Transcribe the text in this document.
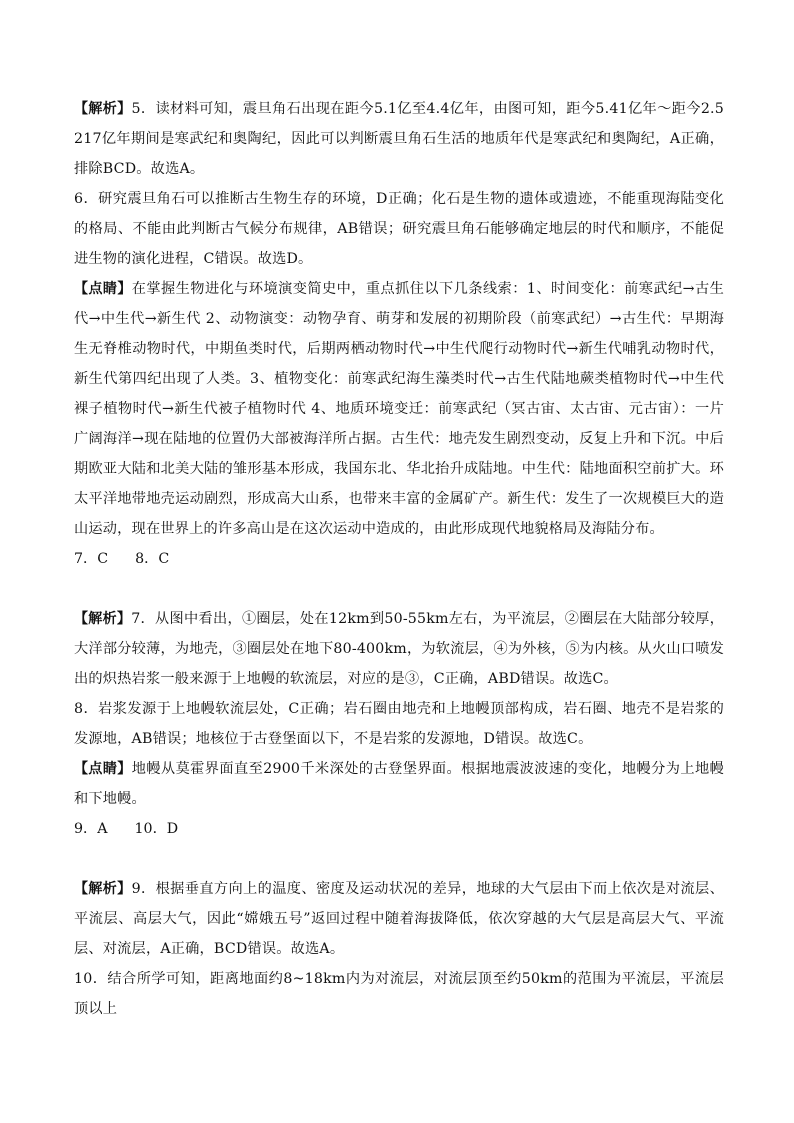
【解析】5．读材料可知，震旦角石出现在距今5.1亿至4.4亿年，由图可知，距今5.41亿年～距今2.5217亿年期间是寒武纪和奥陶纪，因此可以判断震旦角石生活的地质年代是寒武纪和奥陶纪，A正确，排除BCD。故选A。

6．研究震旦角石可以推断古生物生存的环境，D正确；化石是生物的遗体或遗迹，不能重现海陆变化的格局、不能由此判断古气候分布规律，AB错误；研究震旦角石能够确定地层的时代和顺序，不能促进生物的演化进程，C错误。故选D。

【点睛】在掌握生物进化与环境演变简史中，重点抓住以下几条线索：1、时间变化：前寒武纪→古生代→中生代→新生代 2、动物演变：动物孕育、萌芽和发展的初期阶段（前寒武纪）→古生代：早期海生无脊椎动物时代，中期鱼类时代，后期两栖动物时代→中生代爬行动物时代→新生代哺乳动物时代，新生代第四纪出现了人类。3、植物变化：前寒武纪海生藻类时代→古生代陆地蕨类植物时代→中生代裸子植物时代→新生代被子植物时代 4、地质环境变迁：前寒武纪（冥古宙、太古宙、元古宙）：一片广阔海洋→现在陆地的位置仍大部被海洋所占据。古生代：地壳发生剧烈变动，反复上升和下沉。中后期欧亚大陆和北美大陆的雏形基本形成，我国东北、华北抬升成陆地。中生代：陆地面积空前扩大。环太平洋地带地壳运动剧烈，形成高大山系，也带来丰富的金属矿产。新生代：发生了一次规模巨大的造山运动，现在世界上的许多高山是在这次运动中造成的，由此形成现代地貌格局及海陆分布。

7．C      8．C

【解析】7．从图中看出，①圈层，处在12km到50-55km左右，为平流层，②圈层在大陆部分较厚，大洋部分较薄，为地壳，③圈层处在地下80-400km，为软流层，④为外核，⑤为内核。从火山口喷发出的炽热岩浆一般来源于上地幔的软流层，对应的是③，C正确，ABD错误。故选C。

8．岩浆发源于上地幔软流层处，C正确；岩石圈由地壳和上地幔顶部构成，岩石圈、地壳不是岩浆的发源地，AB错误；地核位于古登堡面以下，不是岩浆的发源地，D错误。故选C。

【点睛】地幔从莫霍界面直至2900千米深处的古登堡界面。根据地震波波速的变化，地幔分为上地幔和下地幔。

9．A      10．D

【解析】9．根据垂直方向上的温度、密度及运动状况的差异，地球的大气层由下而上依次是对流层、平流层、高层大气，因此“嫦娥五号”返回过程中随着海拔降低，依次穿越的大气层是高层大气、平流层、对流层，A正确，BCD错误。故选A。

10．结合所学可知，距离地面约8~18km内为对流层，对流层顶至约50km的范围为平流层，平流层顶以上
